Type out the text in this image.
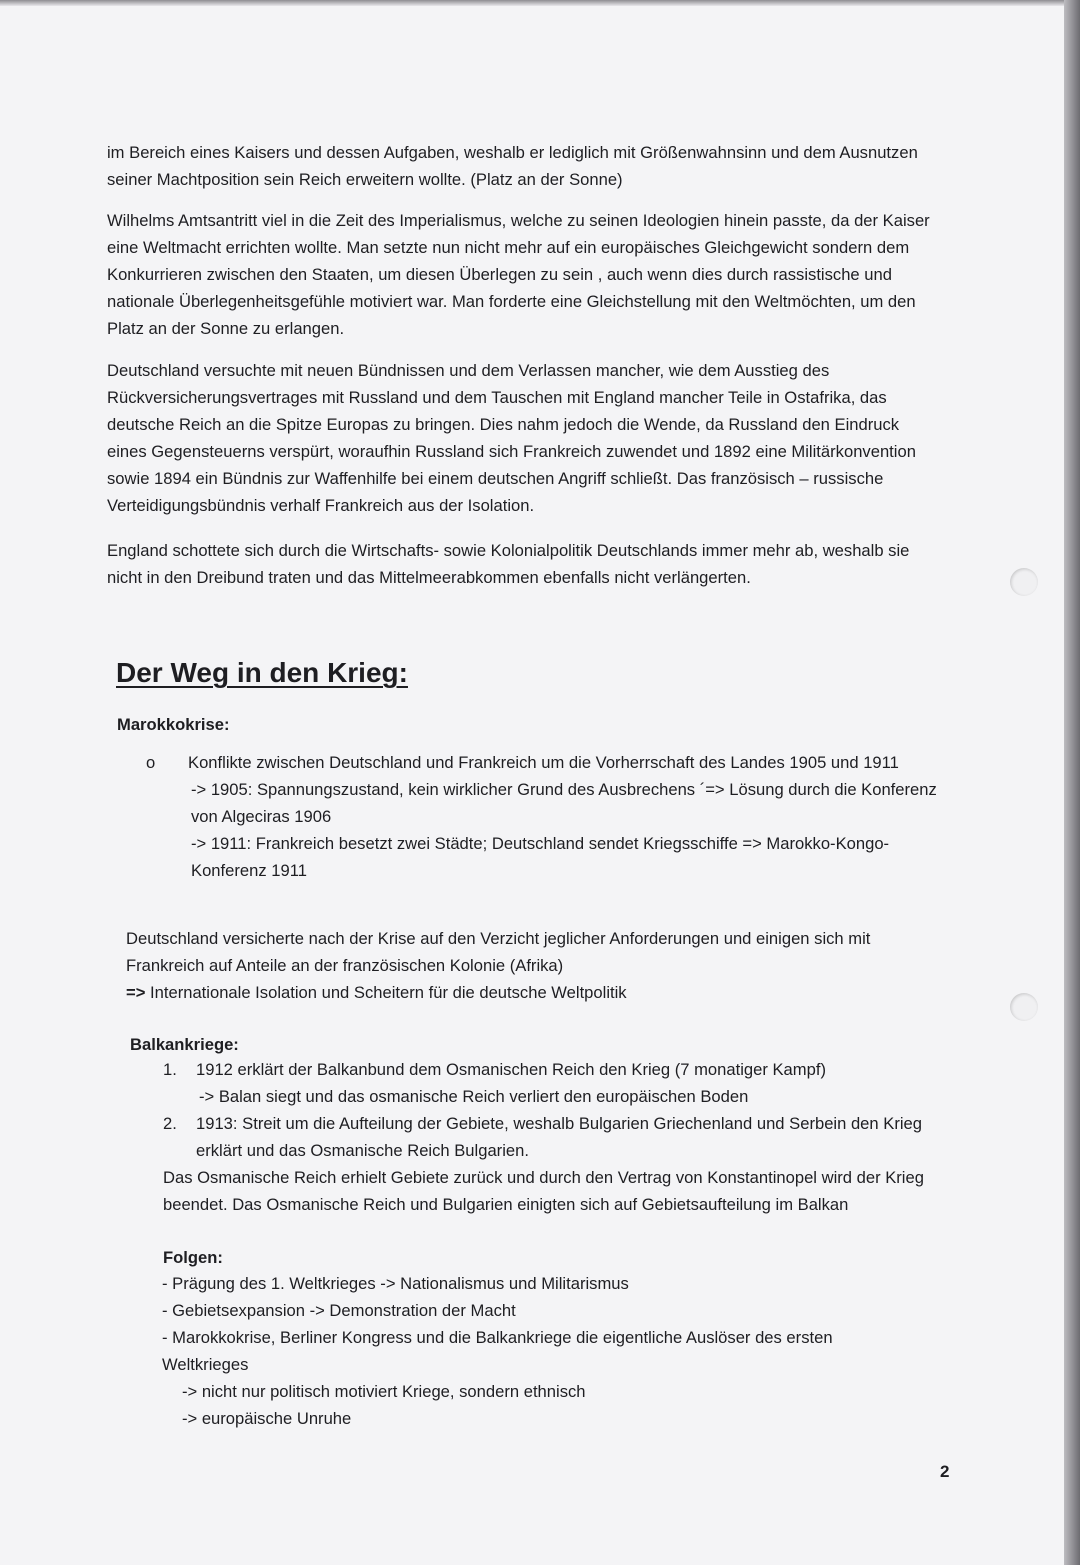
im Bereich eines Kaisers und dessen Aufgaben, weshalb er lediglich mit Größenwahnsinn und dem Ausnutzen seiner Machtposition sein Reich erweitern wollte. (Platz an der Sonne)

Wilhelms Amtsantritt viel in die Zeit des Imperialismus, welche zu seinen Ideologien hinein passte, da der Kaiser eine Weltmacht errichten wollte. Man setzte nun nicht mehr auf ein europäisches Gleichgewicht sondern dem Konkurrieren zwischen den Staaten, um diesen Überlegen zu sein , auch wenn dies durch rassistische und nationale Überlegenheitsgefühle motiviert war. Man forderte eine Gleichstellung mit den Weltmöchten, um den Platz an der Sonne zu erlangen.

Deutschland versuchte mit neuen Bündnissen und dem Verlassen mancher, wie dem Ausstieg des Rückversicherungsvertrages mit Russland und dem Tauschen mit England mancher Teile in Ostafrika, das deutsche Reich an die Spitze Europas zu bringen. Dies nahm jedoch die Wende, da Russland den Eindruck eines Gegensteuerns verspürt, woraufhin Russland sich Frankreich zuwendet und 1892 eine Militärkonvention sowie 1894 ein Bündnis zur Waffenhilfe bei einem deutschen Angriff schließt. Das französisch – russische Verteidigungsbündnis verhalf Frankreich aus der Isolation.

England schottete sich durch die Wirtschafts- sowie Kolonialpolitik Deutschlands immer mehr ab, weshalb sie nicht in den Dreibund traten und das Mittelmeerabkommen ebenfalls nicht verlängerten.

Der Weg in den Krieg:
Marokkokrise:
o	Konflikte zwischen Deutschland und Frankreich um die Vorherrschaft des Landes 1905 und 1911

-> 1905: Spannungszustand, kein wirklicher Grund des Ausbrechens ´=> Lösung durch die Konferenz von Algeciras 1906

-> 1911: Frankreich besetzt zwei Städte; Deutschland sendet Kriegsschiffe => Marokko-Kongo-Konferenz 1911

Deutschland versicherte nach der Krise auf den Verzicht jeglicher Anforderungen und einigen sich mit Frankreich auf Anteile an der französischen Kolonie (Afrika)

=> Internationale Isolation und Scheitern für die deutsche Weltpolitik

Balkankriege:
1.	1912 erklärt der Balkanbund dem Osmanischen Reich den Krieg (7 monatiger Kampf)

-> Balan siegt und das osmanische Reich verliert den europäischen Boden

2.	1913: Streit um die Aufteilung der Gebiete, weshalb Bulgarien Griechenland und Serbein den Krieg erklärt und das Osmanische Reich Bulgarien.

Das Osmanische Reich erhielt Gebiete zurück und durch den Vertrag von Konstantinopel wird der Krieg beendet. Das Osmanische Reich und Bulgarien einigten sich auf Gebietsaufteilung im Balkan

Folgen:

- Prägung des 1. Weltkrieges -> Nationalismus und Militarismus

- Gebietsexpansion -> Demonstration der Macht

- Marokkokrise, Berliner Kongress und die Balkankriege die eigentliche Auslöser des ersten Weltkrieges

-> nicht nur politisch motiviert Kriege, sondern ethnisch

-> europäische Unruhe

2
